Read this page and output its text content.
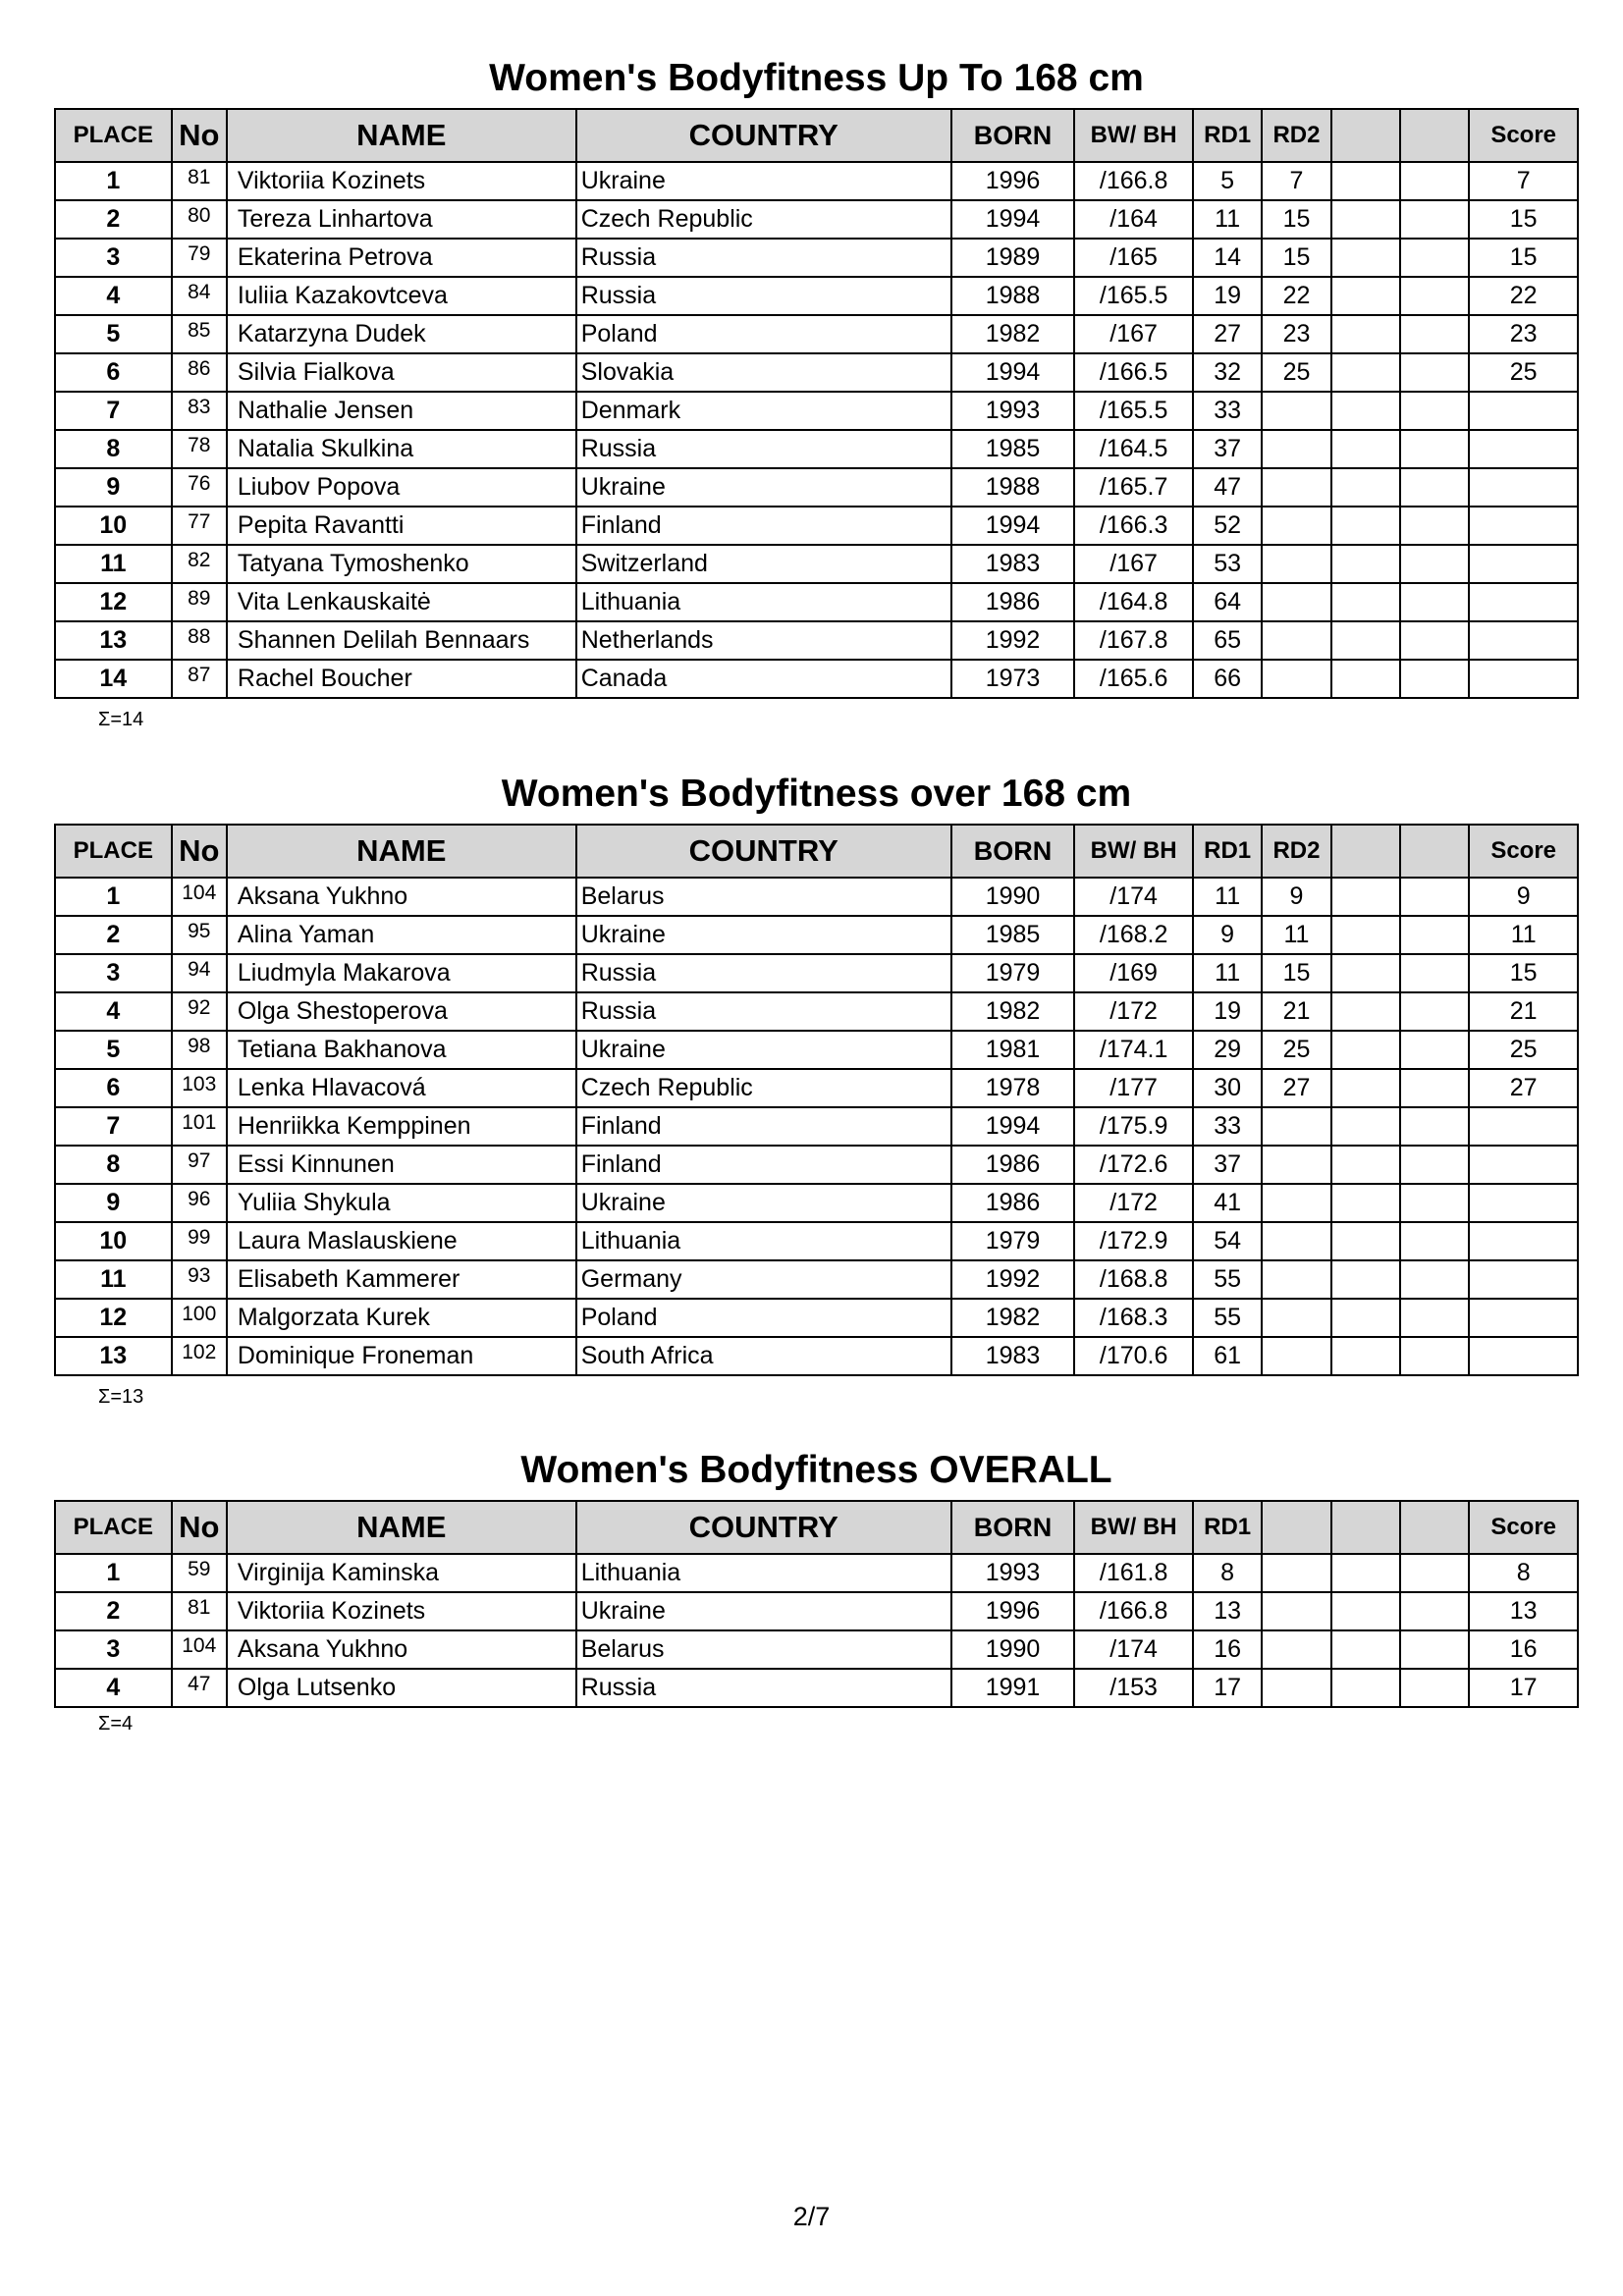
Women's Bodyfitness Up To 168 cm
PLACE	No	NAME	COUNTRY	BORN	BW/ BH	RD1	RD2			Score
1	81	Viktoriia Kozinets	Ukraine	1996	/166.8	5	7			7
2	80	Tereza Linhartova	Czech Republic	1994	/164	11	15			15
3	79	Ekaterina Petrova	Russia	1989	/165	14	15			15
4	84	Iuliia Kazakovtceva	Russia	1988	/165.5	19	22			22
5	85	Katarzyna Dudek	Poland	1982	/167	27	23			23
6	86	Silvia Fialkova	Slovakia	1994	/166.5	32	25			25
7	83	Nathalie Jensen	Denmark	1993	/165.5	33				
8	78	Natalia Skulkina	Russia	1985	/164.5	37				
9	76	Liubov Popova	Ukraine	1988	/165.7	47				
10	77	Pepita Ravantti	Finland	1994	/166.3	52				
11	82	Tatyana Tymoshenko	Switzerland	1983	/167	53				
12	89	Vita Lenkauskaitė	Lithuania	1986	/164.8	64				
13	88	Shannen Delilah Bennaars	Netherlands	1992	/167.8	65				
14	87	Rachel Boucher	Canada	1973	/165.6	66				
Σ=14
Women's Bodyfitness over 168 cm
PLACE	No	NAME	COUNTRY	BORN	BW/ BH	RD1	RD2			Score
1	104	Aksana Yukhno	Belarus	1990	/174	11	9			9
2	95	Alina Yaman	Ukraine	1985	/168.2	9	11			11
3	94	Liudmyla Makarova	Russia	1979	/169	11	15			15
4	92	Olga Shestoperova	Russia	1982	/172	19	21			21
5	98	Tetiana Bakhanova	Ukraine	1981	/174.1	29	25			25
6	103	Lenka Hlavacová	Czech Republic	1978	/177	30	27			27
7	101	Henriikka Kemppinen	Finland	1994	/175.9	33				
8	97	Essi Kinnunen	Finland	1986	/172.6	37				
9	96	Yuliia Shykula	Ukraine	1986	/172	41				
10	99	Laura Maslauskiene	Lithuania	1979	/172.9	54				
11	93	Elisabeth Kammerer	Germany	1992	/168.8	55				
12	100	Malgorzata Kurek	Poland	1982	/168.3	55				
13	102	Dominique Froneman	South Africa	1983	/170.6	61				
Σ=13
Women's Bodyfitness OVERALL
PLACE	No	NAME	COUNTRY	BORN	BW/ BH	RD1				Score
1	59	Virginija Kaminska	Lithuania	1993	/161.8	8				8
2	81	Viktoriia Kozinets	Ukraine	1996	/166.8	13				13
3	104	Aksana Yukhno	Belarus	1990	/174	16				16
4	47	Olga Lutsenko	Russia	1991	/153	17				17
Σ=4
2/7
